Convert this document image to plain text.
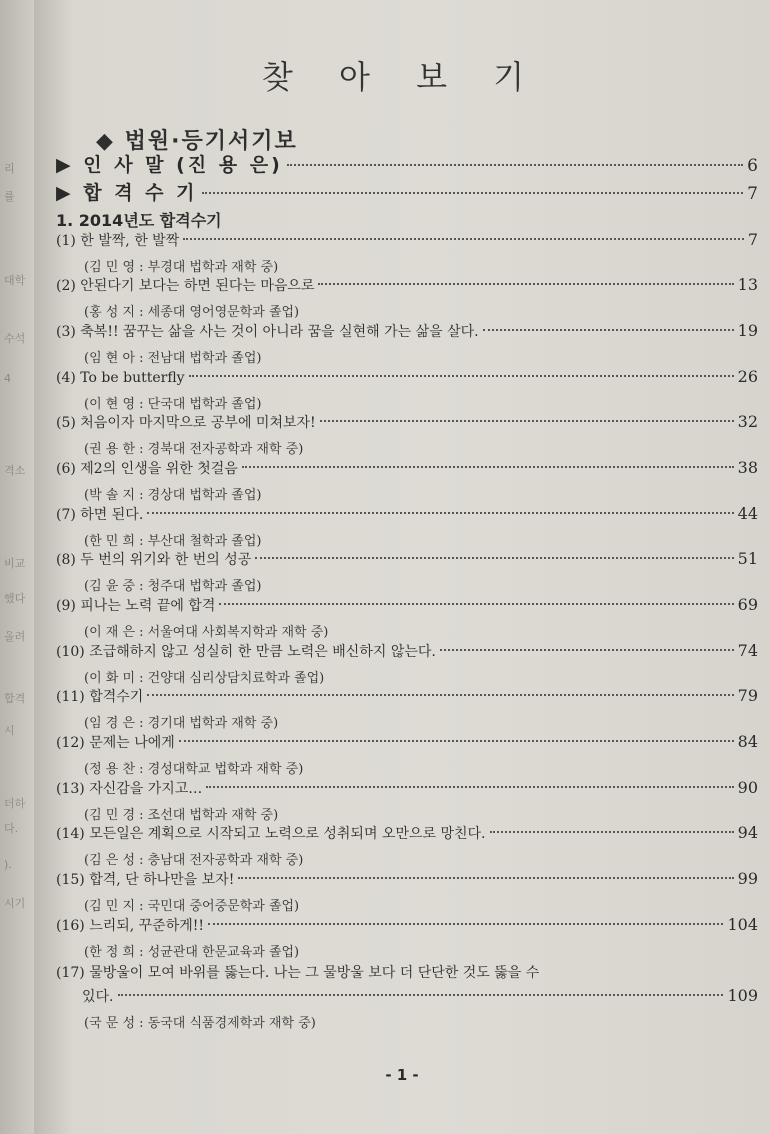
리
률
대학
수석
4
격소
비교
했다
올려
합격
시
더하
다.
).
시기
찾 아 보 기
◆ 법원·등기서기보
▶ 인 사 말 (진 용 은)	6
▶ 합 격 수 기	7
1. 2014년도 합격수기
(1) 한 발짝, 한 발짝	7
(김 민 영 : 부경대 법학과 재학 중)
(2) 안된다기 보다는 하면 된다는 마음으로	13
(홍 성 지 : 세종대 영어영문학과 졸업)
(3) 축복!! 꿈꾸는 삶을 사는 것이 아니라 꿈을 실현해 가는 삶을 살다.	19
(임 현 아 : 전남대 법학과 졸업)
(4) To be butterfly	26
(이 현 영 : 단국대 법학과 졸업)
(5) 처음이자 마지막으로 공부에 미쳐보자!	32
(권 용 한 : 경북대 전자공학과 재학 중)
(6) 제2의 인생을 위한 첫걸음	38
(박 솔 지 : 경상대 법학과 졸업)
(7) 하면 된다.	44
(한 민 희 : 부산대 철학과 졸업)
(8) 두 번의 위기와 한 번의 성공	51
(김 윤 중 : 청주대 법학과 졸업)
(9) 피나는 노력 끝에 합격	69
(이 재 은 : 서울여대 사회복지학과 재학 중)
(10) 조급해하지 않고 성실히 한 만큼 노력은 배신하지 않는다.	74
(이 화 미 : 건양대 심리상담치료학과 졸업)
(11) 합격수기	79
(임 경 은 : 경기대 법학과 재학 중)
(12) 문제는 나에게	84
(정 용 찬 : 경성대학교 법학과 재학 중)
(13) 자신감을 가지고…	90
(김 민 경 : 조선대 법학과 재학 중)
(14) 모든일은 계획으로 시작되고 노력으로 성취되며 오만으로 망친다.	94
(김 은 성 : 충남대 전자공학과 재학 중)
(15) 합격, 단 하나만을 보자!	99
(김 민 지 : 국민대 중어중문학과 졸업)
(16) 느리되, 꾸준하게!!	104
(한 정 희 : 성균관대 한문교육과 졸업)
(17) 물방울이 모여 바위를 뚫는다. 나는 그 물방울 보다 더 단단한 것도 뚫을 수
있다.	109
(국 문 성 : 동국대 식품경제학과 재학 중)
- 1 -
